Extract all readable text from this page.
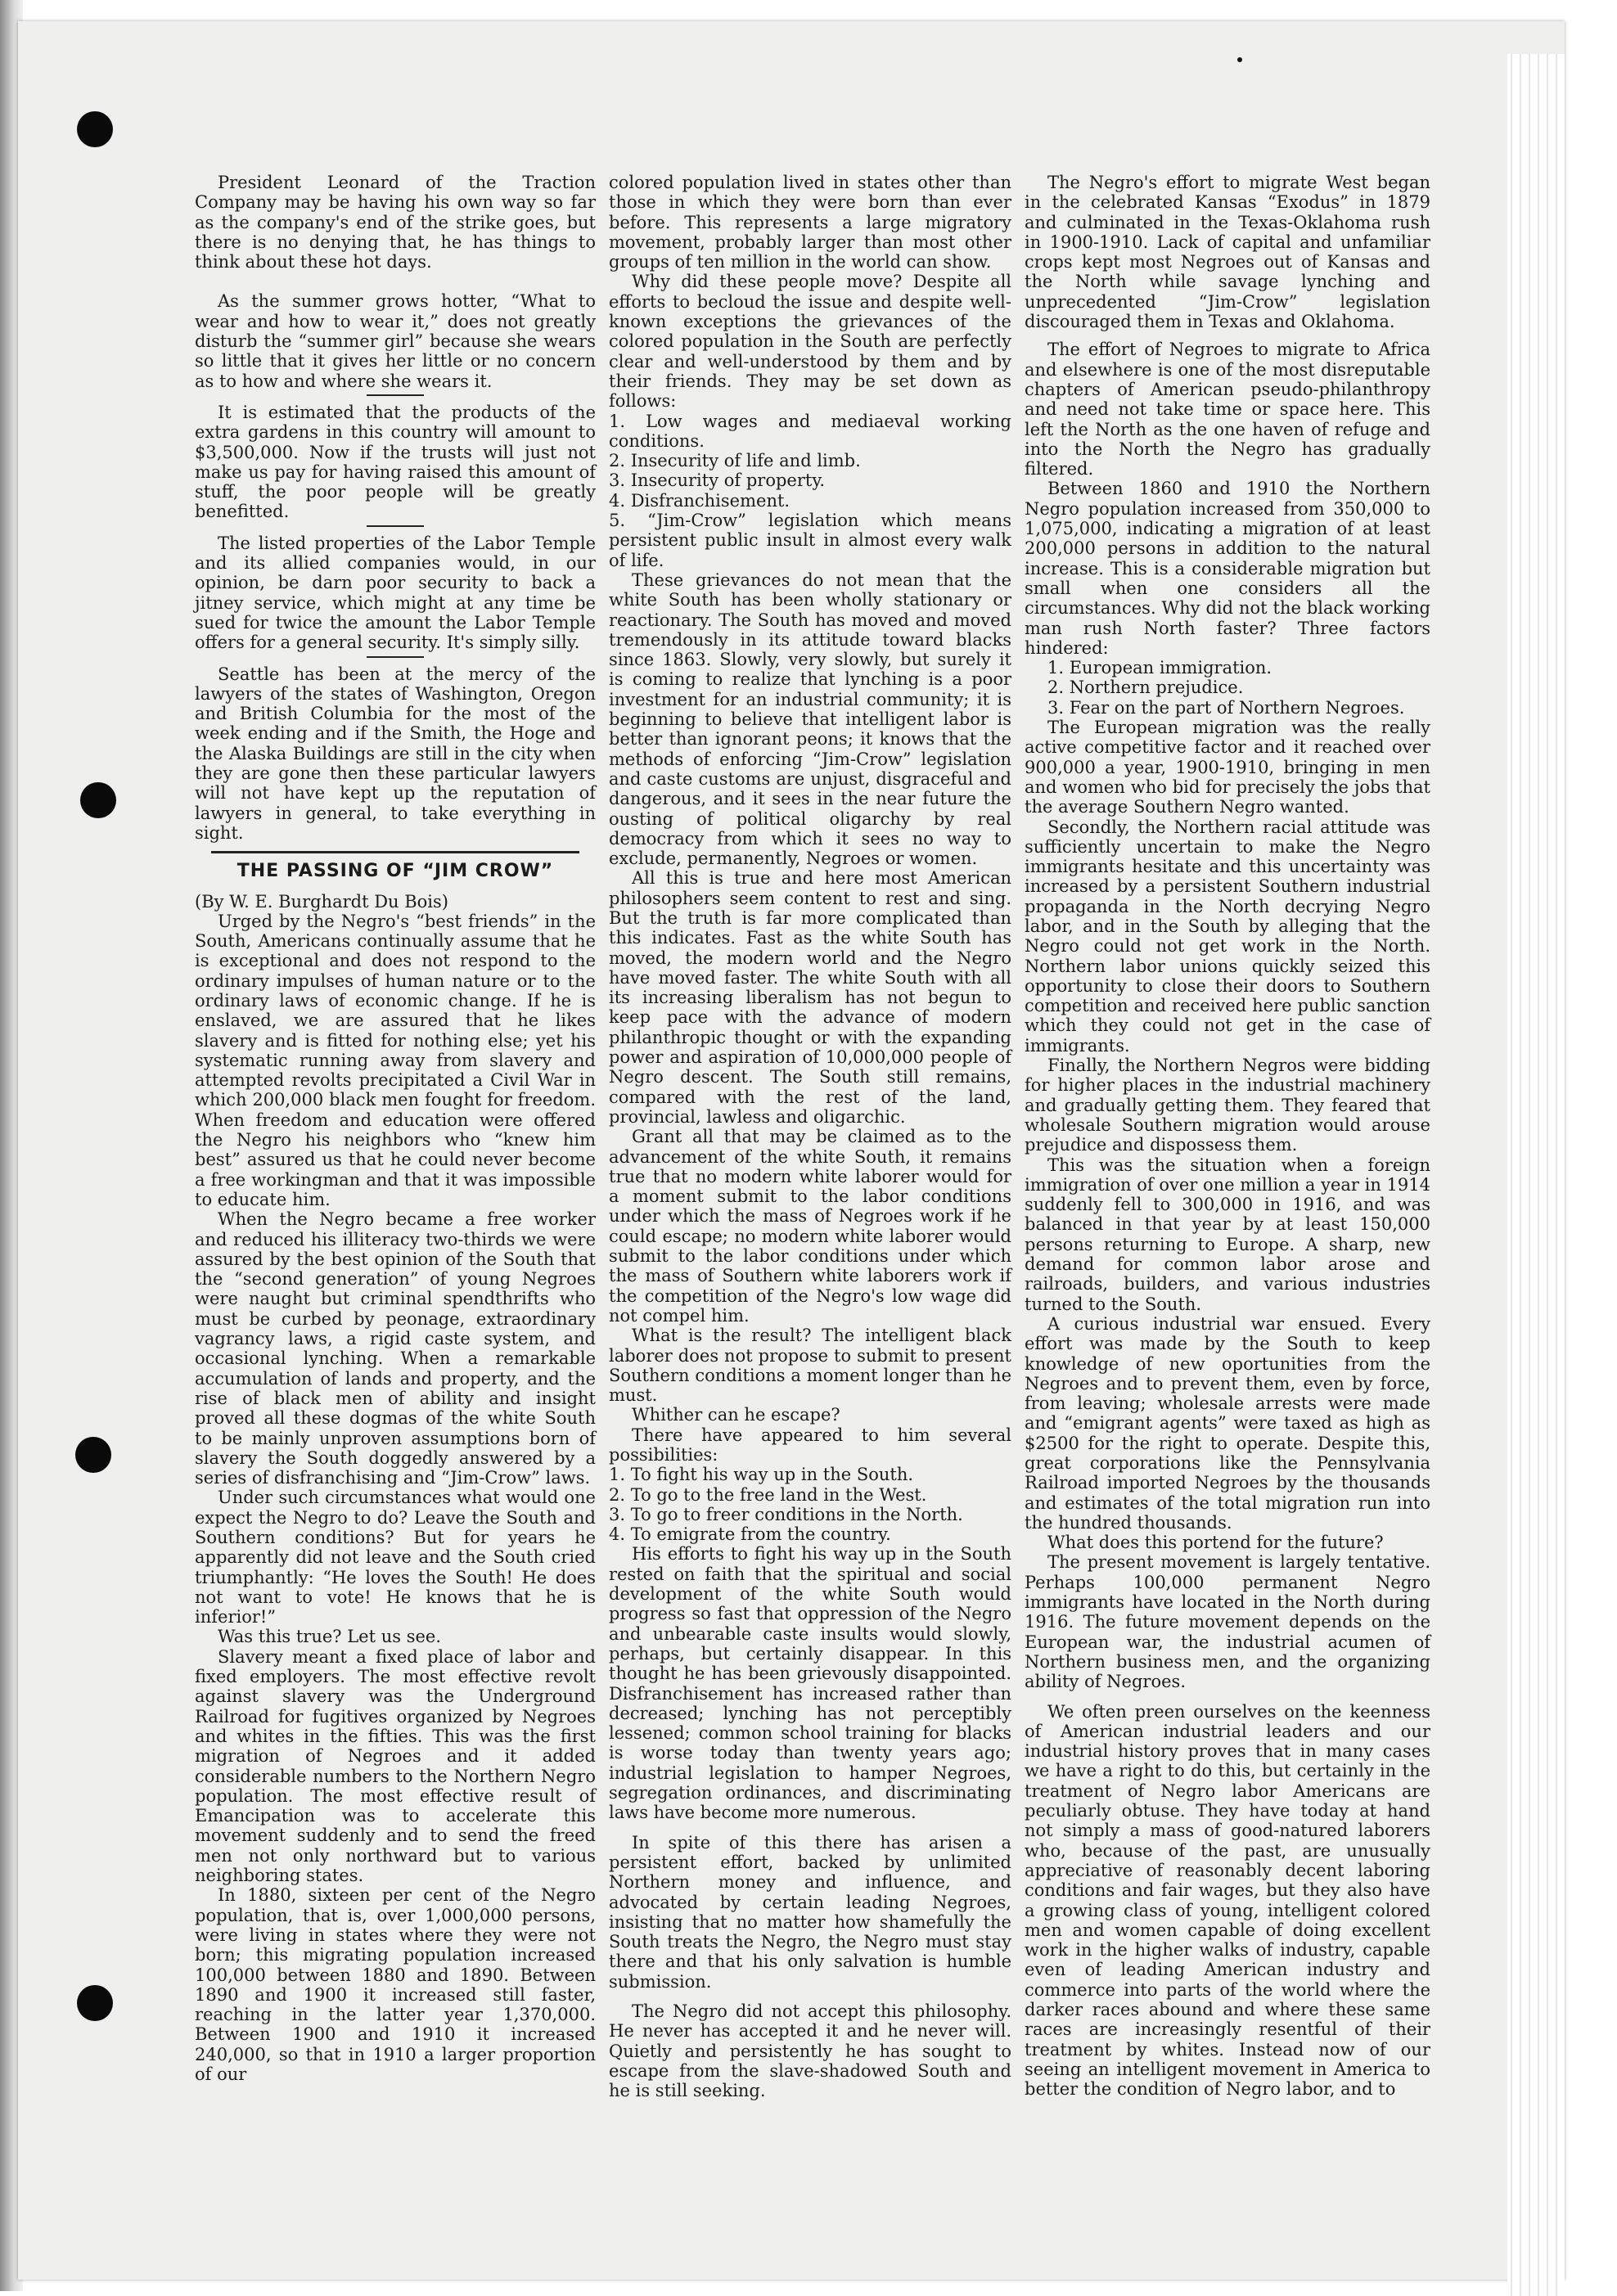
President Leonard of the Traction Company may be having his own way so far as the company's end of the strike goes, but there is no denying that, he has things to think about these hot days.

As the summer grows hotter, “What to wear and how to wear it,” does not greatly disturb the “summer girl” because she wears so little that it gives her little or no concern as to how and where she wears it.

It is estimated that the products of the extra gardens in this country will amount to $3,500,000. Now if the trusts will just not make us pay for having raised this amount of stuff, the poor people will be greatly benefitted.

The listed properties of the Labor Temple and its allied companies would, in our opinion, be darn poor security to back a jitney service, which might at any time be sued for twice the amount the Labor Temple offers for a general security. It's simply silly.

Seattle has been at the mercy of the lawyers of the states of Washington, Oregon and British Columbia for the most of the week ending and if the Smith, the Hoge and the Alaska Buildings are still in the city when they are gone then these particular lawyers will not have kept up the reputation of lawyers in general, to take everything in sight.

THE PASSING OF “JIM CROW”

(By W. E. Burghardt Du Bois)

Urged by the Negro's “best friends” in the South, Americans continually assume that he is exceptional and does not respond to the ordinary impulses of human nature or to the ordinary laws of economic change. If he is enslaved, we are assured that he likes slavery and is fitted for nothing else; yet his systematic running away from slavery and attempted revolts precipitated a Civil War in which 200,000 black men fought for freedom. When freedom and education were offered the Negro his neighbors who “knew him best” assured us that he could never become a free workingman and that it was impossible to educate him.

When the Negro became a free worker and reduced his illiteracy two-thirds we were assured by the best opinion of the South that the “second generation” of young Negroes were naught but criminal spendthrifts who must be curbed by peonage, extraordinary vagrancy laws, a rigid caste system, and occasional lynching. When a remarkable accumulation of lands and property, and the rise of black men of ability and insight proved all these dogmas of the white South to be mainly unproven assumptions born of slavery the South doggedly answered by a series of disfranchising and “Jim-Crow” laws.

Under such circumstances what would one expect the Negro to do? Leave the South and Southern conditions? But for years he apparently did not leave and the South cried triumphantly: “He loves the South! He does not want to vote! He knows that he is inferior!”

Was this true? Let us see.

Slavery meant a fixed place of labor and fixed employers. The most effective revolt against slavery was the Underground Railroad for fugitives organized by Negroes and whites in the fifties. This was the first migration of Negroes and it added considerable numbers to the Northern Negro population. The most effective result of Emancipation was to accelerate this movement suddenly and to send the freed men not only northward but to various neighboring states.

In 1880, sixteen per cent of the Negro population, that is, over 1,000,000 persons, were living in states where they were not born; this migrating population increased 100,000 between 1880 and 1890. Between 1890 and 1900 it increased still faster, reaching in the latter year 1,370,000. Between 1900 and 1910 it increased 240,000, so that in 1910 a larger proportion of our

colored population lived in states other than those in which they were born than ever before. This represents a large migratory movement, probably larger than most other groups of ten million in the world can show.

Why did these people move? Despite all efforts to becloud the issue and despite well-known exceptions the grievances of the colored population in the South are perfectly clear and well-understood by them and by their friends. They may be set down as follows:

1. Low wages and mediaeval working conditions.

2. Insecurity of life and limb.

3. Insecurity of property.

4. Disfranchisement.

5. “Jim-Crow” legislation which means persistent public insult in almost every walk of life.

These grievances do not mean that the white South has been wholly stationary or reactionary. The South has moved and moved tremendously in its attitude toward blacks since 1863. Slowly, very slowly, but surely it is coming to realize that lynching is a poor investment for an industrial community; it is beginning to believe that intelligent labor is better than ignorant peons; it knows that the methods of enforcing “Jim-Crow” legislation and caste customs are unjust, disgraceful and dangerous, and it sees in the near future the ousting of political oligarchy by real democracy from which it sees no way to exclude, permanently, Negroes or women.

All this is true and here most American philosophers seem content to rest and sing. But the truth is far more complicated than this indicates. Fast as the white South has moved, the modern world and the Negro have moved faster. The white South with all its increasing liberalism has not begun to keep pace with the advance of modern philanthropic thought or with the expanding power and aspiration of 10,000,000 people of Negro descent. The South still remains, compared with the rest of the land, provincial, lawless and oligarchic.

Grant all that may be claimed as to the advancement of the white South, it remains true that no modern white laborer would for a moment submit to the labor conditions under which the mass of Negroes work if he could escape; no modern white laborer would submit to the labor conditions under which the mass of Southern white laborers work if the competition of the Negro's low wage did not compel him.

What is the result? The intelligent black laborer does not propose to submit to present Southern conditions a moment longer than he must.

Whither can he escape?

There have appeared to him several possibilities:

1. To fight his way up in the South.

2. To go to the free land in the West.

3. To go to freer conditions in the North.

4. To emigrate from the country.

His efforts to fight his way up in the South rested on faith that the spiritual and social development of the white South would progress so fast that oppression of the Negro and unbearable caste insults would slowly, perhaps, but certainly disappear. In this thought he has been grievously disappointed. Disfranchisement has increased rather than decreased; lynching has not perceptibly lessened; common school training for blacks is worse today than twenty years ago; industrial legislation to hamper Negroes, segregation ordinances, and discriminating laws have become more numerous.

In spite of this there has arisen a persistent effort, backed by unlimited Northern money and influence, and advocated by certain leading Negroes, insisting that no matter how shamefully the South treats the Negro, the Negro must stay there and that his only salvation is humble submission.

The Negro did not accept this philosophy. He never has accepted it and he never will. Quietly and persistently he has sought to escape from the slave-shadowed South and he is still seeking.

The Negro's effort to migrate West began in the celebrated Kansas “Exodus” in 1879 and culminated in the Texas-Oklahoma rush in 1900-1910. Lack of capital and unfamiliar crops kept most Negroes out of Kansas and the North while savage lynching and unprecedented “Jim-Crow” legislation discouraged them in Texas and Oklahoma.

The effort of Negroes to migrate to Africa and elsewhere is one of the most disreputable chapters of American pseudo-philanthropy and need not take time or space here. This left the North as the one haven of refuge and into the North the Negro has gradually filtered.

Between 1860 and 1910 the Northern Negro population increased from 350,000 to 1,075,000, indicating a migration of at least 200,000 persons in addition to the natural increase. This is a considerable migration but small when one considers all the circumstances. Why did not the black working man rush North faster? Three factors hindered:

1. European immigration.

2. Northern prejudice.

3. Fear on the part of Northern Negroes.

The European migration was the really active competitive factor and it reached over 900,000 a year, 1900-1910, bringing in men and women who bid for precisely the jobs that the average Southern Negro wanted.

Secondly, the Northern racial attitude was sufficiently uncertain to make the Negro immigrants hesitate and this uncertainty was increased by a persistent Southern industrial propaganda in the North decrying Negro labor, and in the South by alleging that the Negro could not get work in the North. Northern labor unions quickly seized this opportunity to close their doors to Southern competition and received here public sanction which they could not get in the case of immigrants.

Finally, the Northern Negros were bidding for higher places in the industrial machinery and gradually getting them. They feared that wholesale Southern migration would arouse prejudice and dispossess them.

This was the situation when a foreign immigration of over one million a year in 1914 suddenly fell to 300,000 in 1916, and was balanced in that year by at least 150,000 persons returning to Europe. A sharp, new demand for common labor arose and railroads, builders, and various industries turned to the South.

A curious industrial war ensued. Every effort was made by the South to keep knowledge of new oportunities from the Negroes and to prevent them, even by force, from leaving; wholesale arrests were made and “emigrant agents” were taxed as high as $2500 for the right to operate. Despite this, great corporations like the Pennsylvania Railroad imported Negroes by the thousands and estimates of the total migration run into the hundred thousands.

What does this portend for the future?

The present movement is largely tentative. Perhaps 100,000 permanent Negro immigrants have located in the North during 1916. The future movement depends on the European war, the industrial acumen of Northern business men, and the organizing ability of Negroes.

We often preen ourselves on the keenness of American industrial leaders and our industrial history proves that in many cases we have a right to do this, but certainly in the treatment of Negro labor Americans are peculiarly obtuse. They have today at hand not simply a mass of good-natured laborers who, because of the past, are unusually appreciative of reasonably decent laboring conditions and fair wages, but they also have a growing class of young, intelligent colored men and women capable of doing excellent work in the higher walks of industry, capable even of leading American industry and commerce into parts of the world where the darker races abound and where these same races are increasingly resentful of their treatment by whites. Instead now of our seeing an intelligent movement in America to better the condition of Negro labor, and to
